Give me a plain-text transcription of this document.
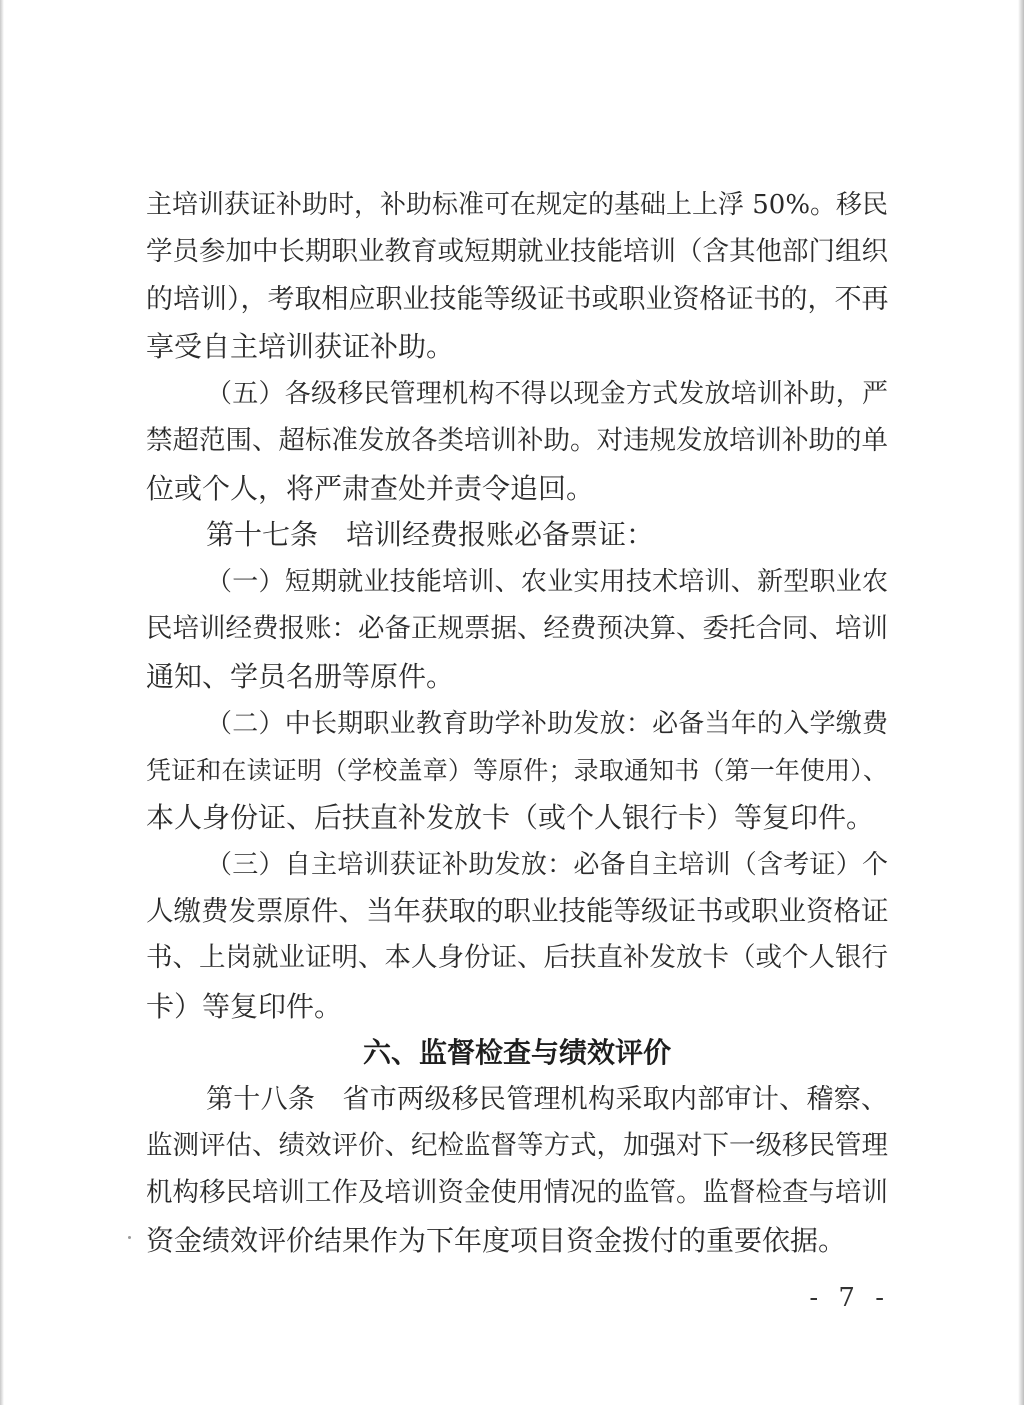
主培训获证补助时，补助标准可在规定的基础上上浮 50%。移民
学员参加中长期职业教育或短期就业技能培训（含其他部门组织
的培训），考取相应职业技能等级证书或职业资格证书的，不再
享受自主培训获证补助。
（五）各级移民管理机构不得以现金方式发放培训补助，严
禁超范围、超标准发放各类培训补助。对违规发放培训补助的单
位或个人，将严肃查处并责令追回。
第十七条　培训经费报账必备票证：
（一）短期就业技能培训、农业实用技术培训、新型职业农
民培训经费报账：必备正规票据、经费预决算、委托合同、培训
通知、学员名册等原件。
（二）中长期职业教育助学补助发放：必备当年的入学缴费
凭证和在读证明（学校盖章）等原件；录取通知书（第一年使用）、
本人身份证、后扶直补发放卡（或个人银行卡）等复印件。
（三）自主培训获证补助发放：必备自主培训（含考证）个
人缴费发票原件、当年获取的职业技能等级证书或职业资格证
书、上岗就业证明、本人身份证、后扶直补发放卡（或个人银行
卡）等复印件。
六、监督检查与绩效评价
第十八条　省市两级移民管理机构采取内部审计、稽察、
监测评估、绩效评价、纪检监督等方式，加强对下一级移民管理
机构移民培训工作及培训资金使用情况的监管。监督检查与培训
资金绩效评价结果作为下年度项目资金拨付的重要依据。
- 7 -
